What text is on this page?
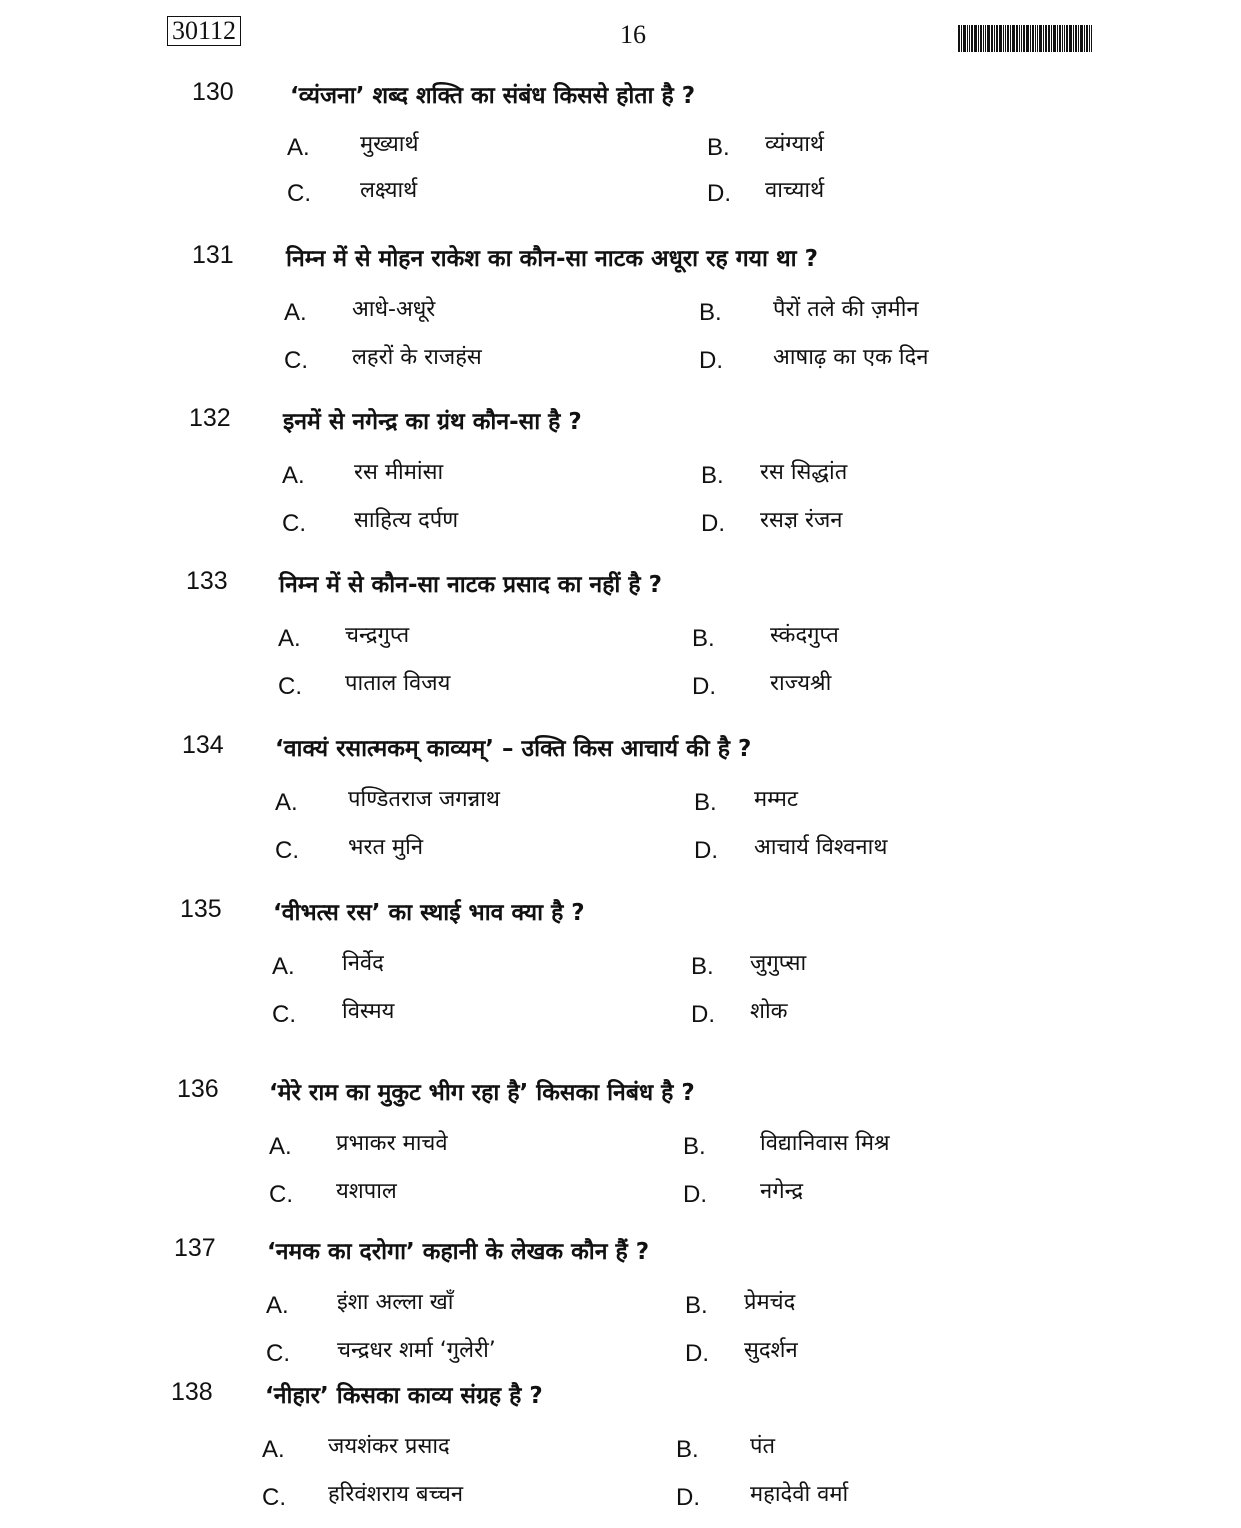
30112	16
130 ‘व्यंजना’ शब्द शक्ति का संबंध किससे होता है ?
A. मुख्यार्थ	B. व्यंग्यार्थ
C. लक्ष्यार्थ	D. वाच्यार्थ
131 निम्न में से मोहन राकेश का कौन-सा नाटक अधूरा रह गया था ?
A. आधे-अधूरे	B. पैरों तले की ज़मीन
C. लहरों के राजहंस	D. आषाढ़ का एक दिन
132 इनमें से नगेन्द्र का ग्रंथ कौन-सा है ?
A. रस मीमांसा	B. रस सिद्धांत
C. साहित्य दर्पण	D. रसज्ञ रंजन
133 निम्न में से कौन-सा नाटक प्रसाद का नहीं है ?
A. चन्द्रगुप्त	B.	स्कंदगुप्त
C. पाताल विजय	D. राज्यश्री
134 ‘वाक्यं रसात्मकम् काव्यम्’ – उक्ति किस आचार्य की है ?
A. पण्डितराज जगन्नाथ	B. मम्मट
C. भरत मुनि	D. आचार्य विश्वनाथ
135 ‘वीभत्स रस’ का स्थाई भाव क्या है ?
A. निर्वेद	B. जुगुप्सा
C. विस्मय	D. शोक
136 ‘मेरे राम का मुकुट भीग रहा है’ किसका निबंध है ?
A. प्रभाकर माचवे	B. विद्यानिवास मिश्र
C. यशपाल	D. नगेन्द्र
137 ‘नमक का दरोगा’ कहानी के लेखक कौन हैं ?
A. इंशा अल्ला खाँ	B. प्रेमचंद
C. चन्द्रधर शर्मा ‘गुलेरी’	D. सुदर्शन
138 ‘नीहार’ किसका काव्य संग्रह है ?
A. जयशंकर प्रसाद	B. पंत
C. हरिवंशराय बच्चन	D. महादेवी वर्मा
